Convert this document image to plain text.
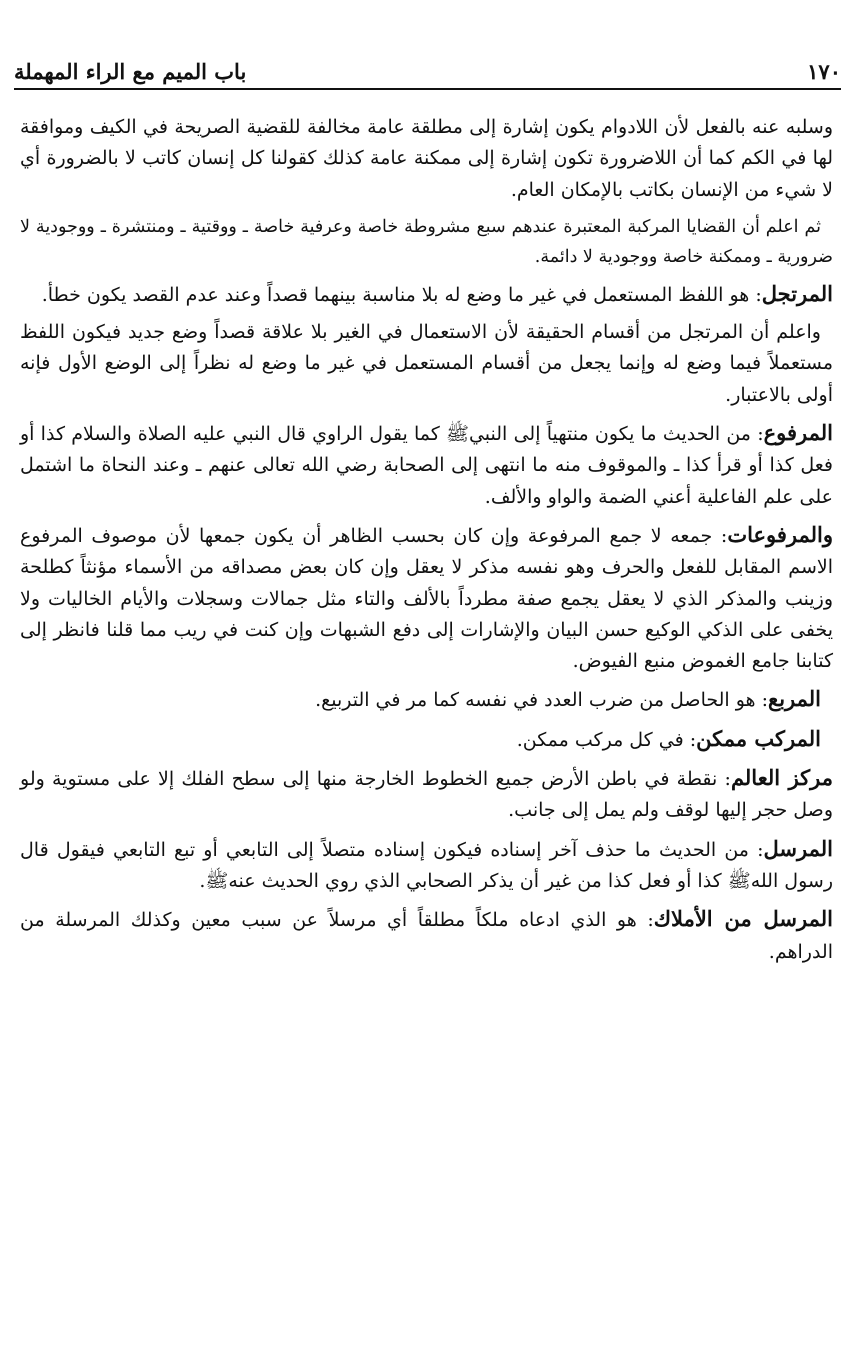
١٧٠
باب الميم مع الراء المهملة

وسلبه عنه بالفعل لأن اللادوام يكون إشارة إلى مطلقة عامة مخالفة للقضية الصريحة في الكيف وموافقة لها في الكم كما أن اللاضرورة تكون إشارة إلى ممكنة عامة كذلك كقولنا كل إنسان كاتب لا بالضرورة أي لا شيء من الإنسان بكاتب بالإمكان العام.

ثم اعلم أن القضايا المركبة المعتبرة عندهم سبع مشروطة خاصة وعرفية خاصة ـ ووقتية ـ ومنتشرة ـ ووجودية لا ضرورية ـ وممكنة خاصة ووجودية لا دائمة.

المرتجل: هو اللفظ المستعمل في غير ما وضع له بلا مناسبة بينهما قصداً وعند عدم القصد يكون خطأ.

واعلم أن المرتجل من أقسام الحقيقة لأن الاستعمال في الغير بلا علاقة قصداً وضع جديد فيكون اللفظ مستعملاً فيما وضع له وإنما يجعل من أقسام المستعمل في غير ما وضع له نظراً إلى الوضع الأول فإنه أولى بالاعتبار.

المرفوع: من الحديث ما يكون منتهياً إلى النبيﷺ كما يقول الراوي قال النبي عليه الصلاة والسلام كذا أو فعل كذا أو قرأ كذا ـ والموقوف منه ما انتهى إلى الصحابة رضي الله تعالى عنهم ـ وعند النحاة ما اشتمل على علم الفاعلية أعني الضمة والواو والألف.

والمرفوعات: جمعه لا جمع المرفوعة وإن كان بحسب الظاهر أن يكون جمعها لأن موصوف المرفوع الاسم المقابل للفعل والحرف وهو نفسه مذكر لا يعقل وإن كان بعض مصداقه من الأسماء مؤنثاً كطلحة وزينب والمذكر الذي لا يعقل يجمع صفة مطرداً بالألف والتاء مثل جمالات وسجلات والأيام الخاليات ولا يخفى على الذكي الوكيع حسن البيان والإشارات إلى دفع الشبهات وإن كنت في ريب مما قلنا فانظر إلى كتابنا جامع الغموض منبع الفيوض.

المربع: هو الحاصل من ضرب العدد في نفسه كما مر في التربيع.

المركب ممكن: في كل مركب ممكن.

مركز العالم: نقطة في باطن الأرض جميع الخطوط الخارجة منها إلى سطح الفلك إلا على مستوية ولو وصل حجر إليها لوقف ولم يمل إلى جانب.

المرسل: من الحديث ما حذف آخر إسناده فيكون إسناده متصلاً إلى التابعي أو تبع التابعي فيقول قال رسول اللهﷺ كذا أو فعل كذا من غير أن يذكر الصحابي الذي روي الحديث عنهﷺ.

المرسل من الأملاك: هو الذي ادعاه ملكاً مطلقاً أي مرسلاً عن سبب معين وكذلك المرسلة من الدراهم.
